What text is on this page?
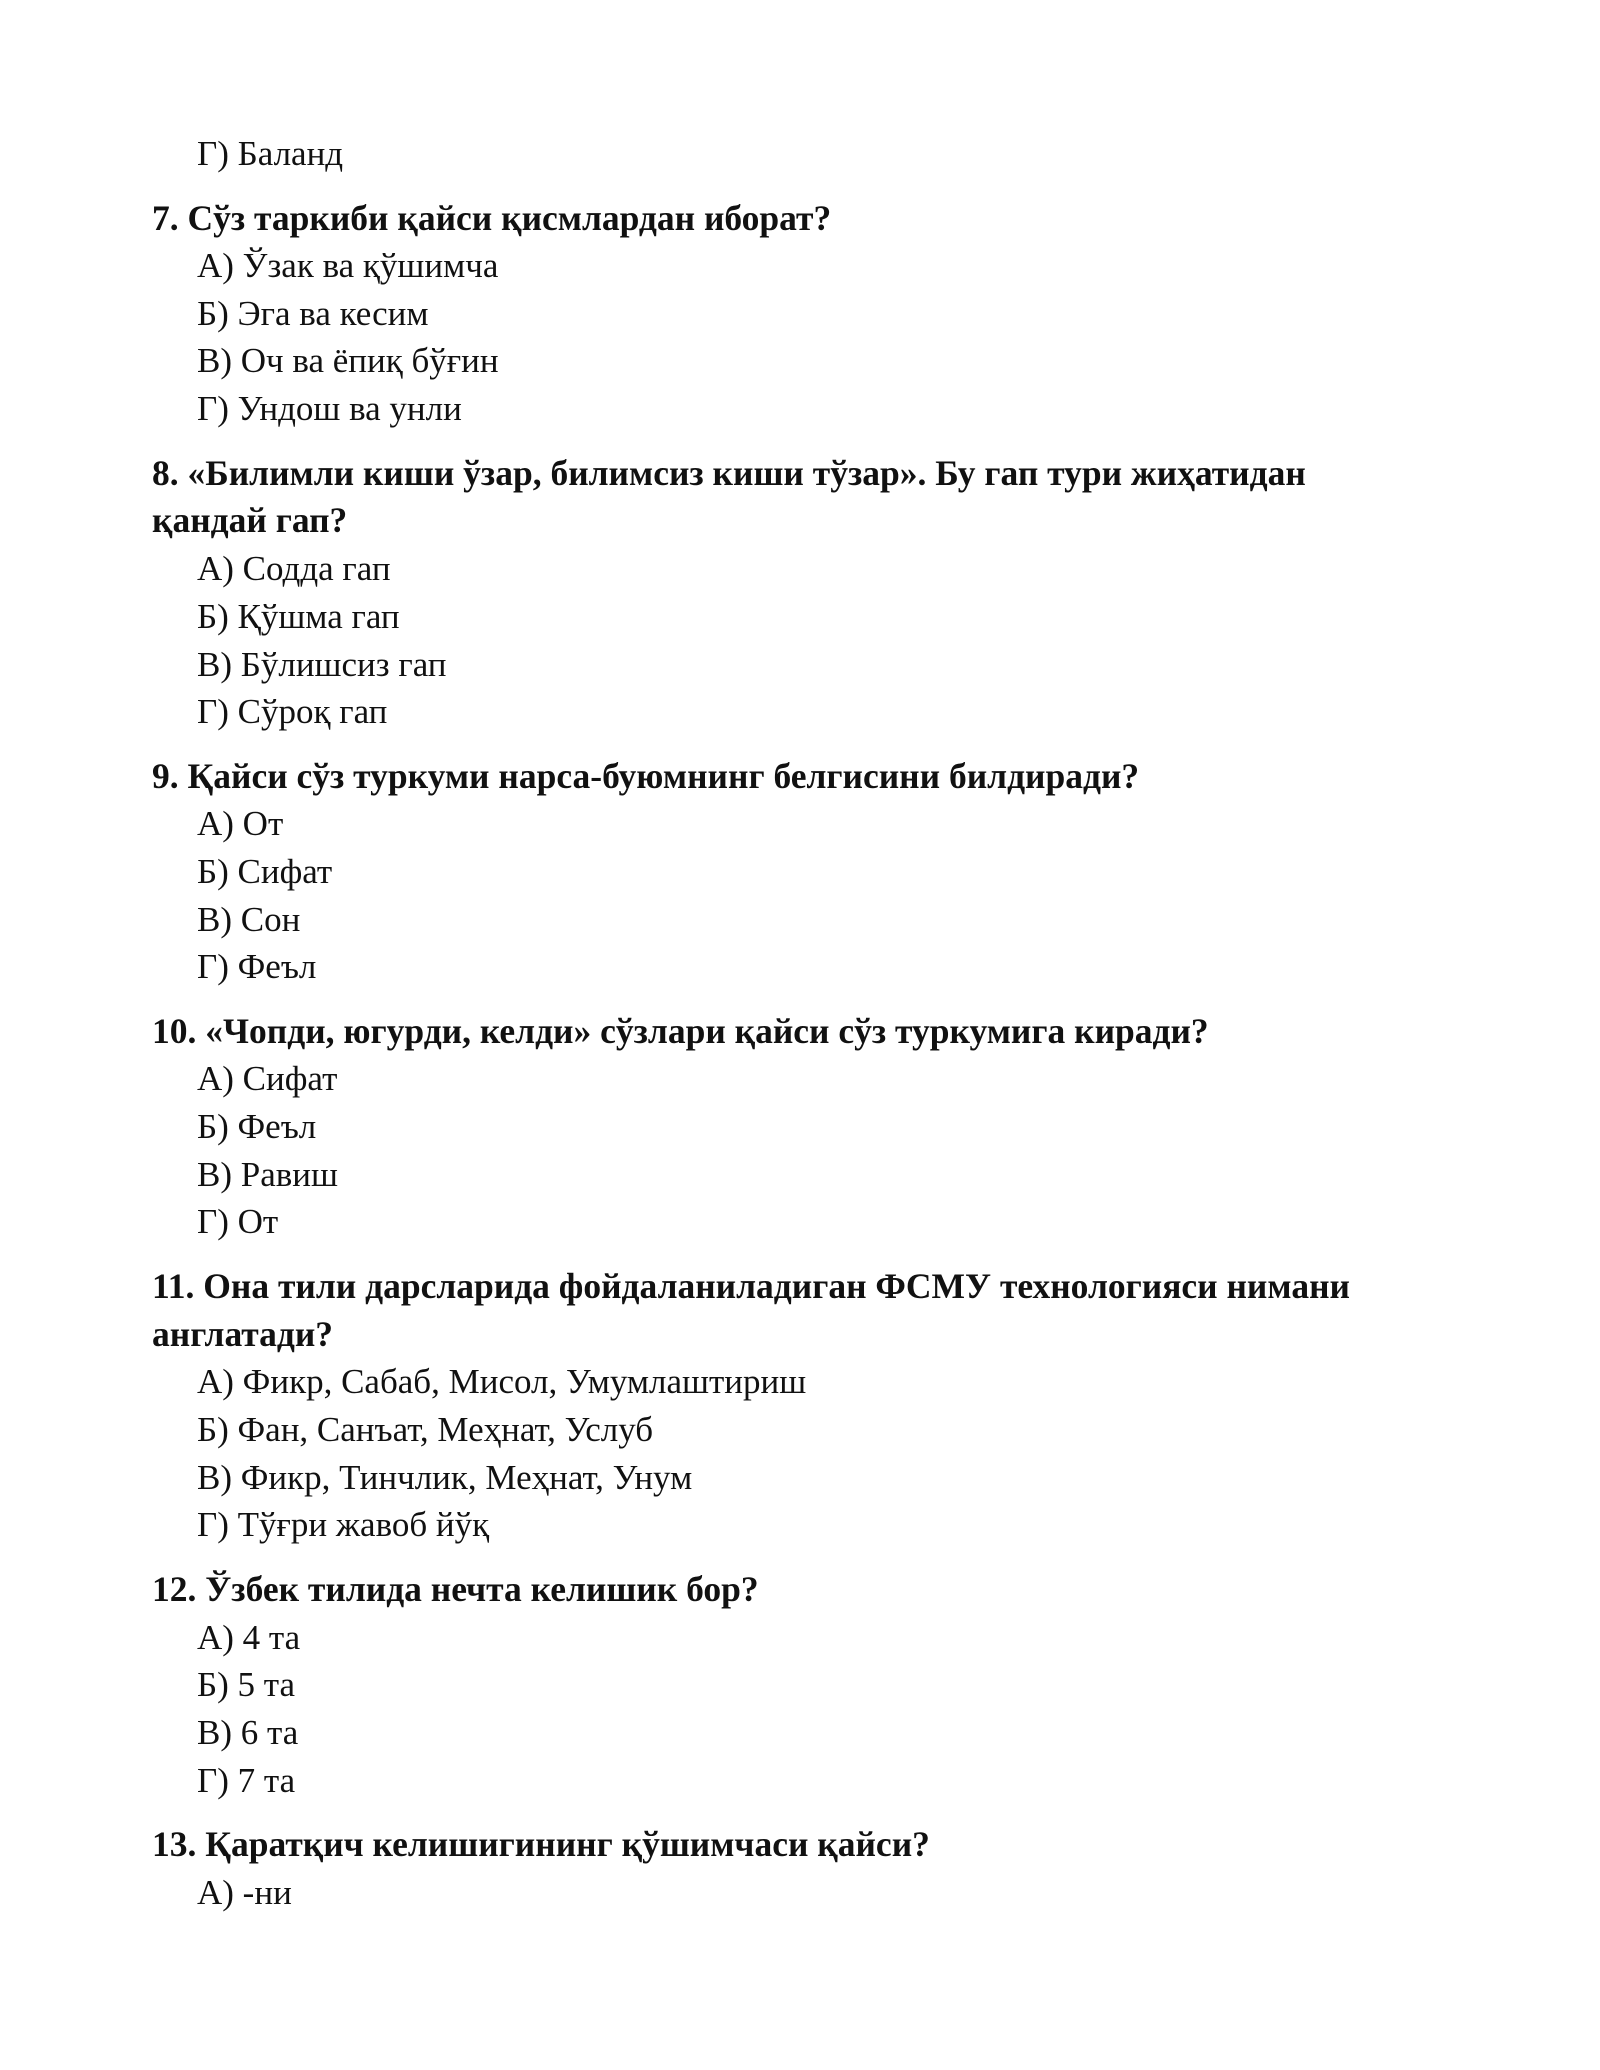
Г) Баланд
7. Сўз таркиби қайси қисмлардан иборат?
А) Ўзак ва қўшимча
Б) Эга ва кесим
В) Оч ва ёпиқ бўғин
Г) Ундош ва унли
8. «Билимли киши ўзар, билимсиз киши тўзар». Бу гап тури жиҳатидан
қандай гап?
А) Содда гап
Б) Қўшма гап
В) Бўлишсиз гап
Г) Сўроқ гап
9. Қайси сўз туркуми нарса-буюмнинг белгисини билдиради?
А) От
Б) Сифат
В) Сон
Г) Феъл
10. «Чопди, югурди, келди» сўзлари қайси сўз туркумига киради?
А) Сифат
Б) Феъл
В) Равиш
Г) От
11. Она тили дарсларида фойдаланиладиган ФСМУ технологияси нимани
англатади?
А) Фикр, Сабаб, Мисол, Умумлаштириш
Б) Фан, Санъат, Меҳнат, Услуб
В) Фикр, Тинчлик, Меҳнат, Унум
Г) Тўғри жавоб йўқ
12. Ўзбек тилида нечта келишик бор?
А) 4 та
Б) 5 та
В) 6 та
Г) 7 та
13. Қаратқич келишигининг қўшимчаси қайси?
А) -ни
